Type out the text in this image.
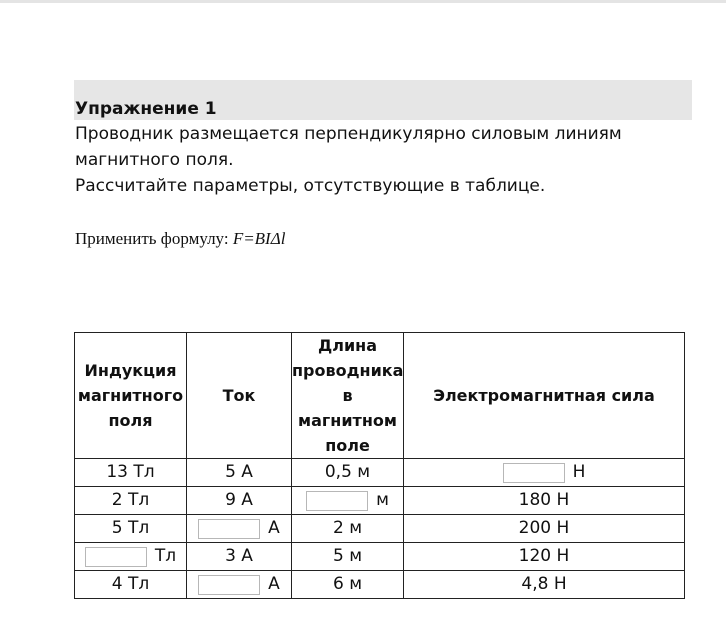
Упражнение 1
Проводник размещается перпендикулярно силовым линиям
магнитного поля.
Рассчитайте параметры, отсутствующие в таблице.
Применить формулу: F=BIΔl
Индукция магнитного поля	Ток	Длина проводника в магнитном поле	Электромагнитная сила
13 Тл	5 А	0,5 м	Н

2 Тл	9 А	м	180 Н
5 Тл	А	2 м	200 Н

Тл	3 А	5 м	120 Н
4 Тл	А	6 м	4,8 Н
